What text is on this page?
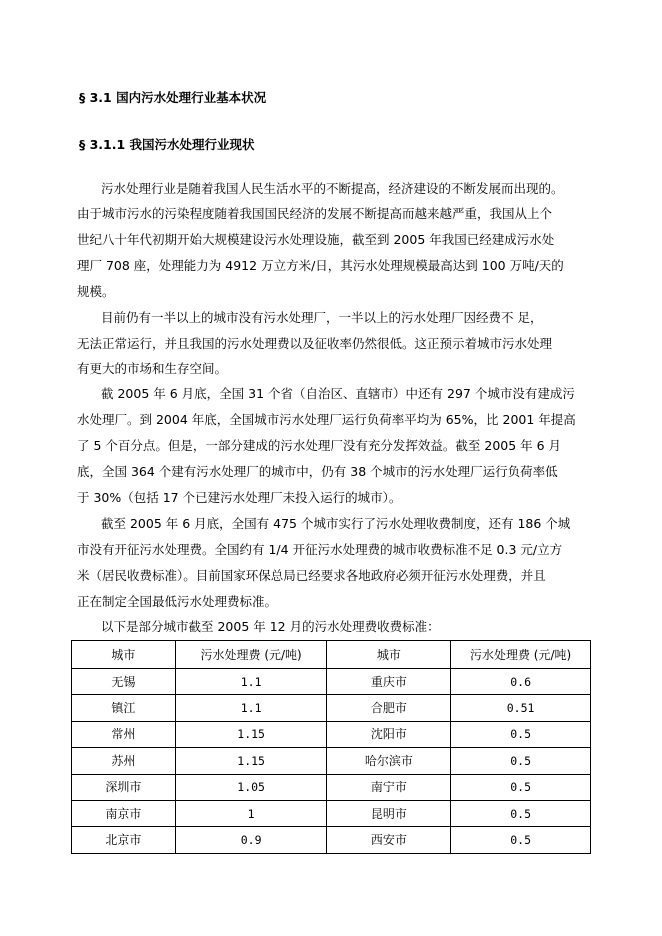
§ 3.1 国内污水处理行业基本状况
§ 3.1.1 我国污水处理行业现状
污水处理行业是随着我国人民生活水平的不断提高，经济建设的不断发展而出现的。
由于城市污水的污染程度随着我国国民经济的发展不断提高而越来越严重，我国从上个
世纪八十年代初期开始大规模建设污水处理设施，截至到 2005 年我国已经建成污水处
理厂 708 座，处理能力为 4912 万立方米/日，其污水处理规模最高达到 100 万吨/天的
规模。
目前仍有一半以上的城市没有污水处理厂，一半以上的污水处理厂因经费不 足，
无法正常运行，并且我国的污水处理费以及征收率仍然很低。这正预示着城市污水处理
有更大的市场和生存空间。
截 2005 年 6 月底，全国 31 个省（自治区、直辖市）中还有 297 个城市没有建成污
水处理厂。到 2004 年底，全国城市污水处理厂运行负荷率平均为 65%，比 2001 年提高
了 5 个百分点。但是，一部分建成的污水处理厂没有充分发挥效益。截至 2005 年 6 月
底，全国 364 个建有污水处理厂的城市中，仍有 38 个城市的污水处理厂运行负荷率低
于 30%（包括 17 个已建污水处理厂未投入运行的城市）。
截至 2005 年 6 月底，全国有 475 个城市实行了污水处理收费制度，还有 186 个城
市没有开征污水处理费。全国约有 1/4 开征污水处理费的城市收费标准不足 0.3 元/立方
米（居民收费标准）。目前国家环保总局已经要求各地政府必须开征污水处理费，并且
正在制定全国最低污水处理费标准。
以下是部分城市截至 2005 年 12 月的污水处理费收费标准：
城市	污水处理费 (元/吨)	城市	污水处理费 (元/吨)
无锡	1.1	重庆市	0.6
镇江	1.1	合肥市	0.51
常州	1.15	沈阳市	0.5
苏州	1.15	哈尔滨市	0.5
深圳市	1.05	南宁市	0.5
南京市	1	昆明市	0.5
北京市	0.9	西安市	0.5
